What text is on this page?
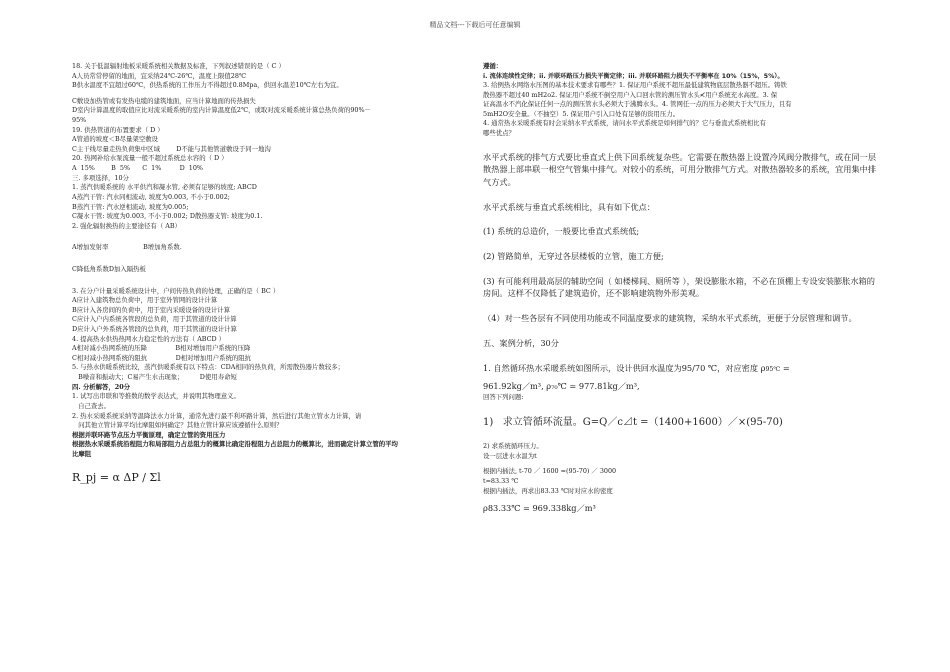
精品文档---下载后可任意编辑
18. 关于低温辐射地板采暖系统相关数据及标准，下列叙述错误的是（ C ）
A人员常常停留的地面，宜采纳24℃-26℃，温度上限值28℃
B供水温度不宜超过60℃，供热系统的工作压力不得超过0.8Mpa，供回水温差10℃左右为宜。
C敷设加热管或有发热电缆的建筑地面，应当计算地面的传热损失
D室内计算温度的取值应比对流采暖系统的室内计算温度低2℃，或取对流采暖系统计算总热负荷的90%－
95%
19. 供热管道的布置要求（ D ）
A管道的坡度＜B尽量架空敷设
C主干线尽量走热负荷集中区域        D不能与其他管道敷设于同一地沟
20. 热网补给水泵流量一般不超过系统总水容的（ D ）
A  15%        B  5%      C  1%         D  10%
三. 多项选择，10分
1. 蒸汽供暖系统的 水平供汽和凝水管, 必须有足够的坡度; ABCD
A蒸汽干管: 汽水同相流动, 坡度为0.003, 不小于0.002;
B蒸汽干管: 汽水逆相流动, 坡度为0.005;
C凝水干管: 坡度为0.003, 不小于0.002; D散热器支管: 坡度为0.1.
2. 强化辐射换热的主要途径有（ AB）
A增加发射率                 B增加角系数.
C降低角系数D加入隔热板
3. 在分户计量采暖系统设计中，户间传热负荷的处理，正确的是（ BC ）
A应计入建筑物总负荷中，用于室外管网的设计计算
B应计入各房间的负荷中，用于室内采暖设备的设计计算
C应计入户内系统各管段的总负荷，用于其管道的设计计算
D应计入户外系统各管段的总负荷，用于其管道的设计计算
4. 提高热水供热热网水力稳定性的方法有（ ABCD ）
A相对减小热网系统的压降              B相对增加用户系统的压降
C相对减小热网系统的阻抗              D相对增加用户系统的阻抗
5. 与热水供暖系统比较，蒸汽供暖系统有以下特点：CDA相同的热负荷，所需散热器片数较多；
B噪音和振动大；C易产生水击现象；        D使用寿命短
四. 分析解答，20分
1. 试写出串联和等推数的数学表达式，并说明其物理意义。
自己查去。
2. 热水采暖系统采纳等温降法水力计算，通常先进行最不利环路计算，然后进行其他立管水力计算，请
问其他立管计算平均比摩阻如何确定？其他立管计算应该遵循什么原则？
根据并联环路节点压力平衡原理，确定立管的资用压力
根据热水采暖系统沿程阻力和局部阻力占总阻力的概算比确定沿程阻力占总阻力的概算比，进而确定计算立管的平均
比摩阻
R_pj = α ΔP / Σl
遵循：
i. 流体连续性定律；ii. 并联环路压力损失平衡定律；iii. 并联环路阻力损失不平衡率在 10%（15%，5%）。
3. 给例热水网络水压图的基本技术要求有哪些？1. 保证用户系统不超压最低建筑物底层散热器不超压。铸铁
散热器不超过40 mH2o2. 保证用户系统不倒空用户入口回水管的测压管水头≮用户系统充水高度。3. 保
证高温水不汽化保证任何一点的测压管水头必须大于沸腾水头。4. 管网任一点的压力必须大于大气压力，且有
5mH2O安全量。（不抽空）5. 保证用户引入口处有足够的资用压力。
4. 通常热水采暖系统有时会采纳水平式系统，请问水平式系统是如何排气的？它与垂直式系统相比有
哪些优点？
水平式系统的排气方式要比垂直式上供下回系统复杂些。它需要在散热器上设置冷风阀分散排气，或在同一层散热器上部串联一根空气管集中排气。对较小的系统，可用分散排气方式。对散热器较多的系统，宜用集中排气方式。
水平式系统与垂直式系统相比，具有如下优点：
(1) 系统的总造价，一般要比垂直式系统低;
(2) 管路简单，无穿过各层楼板的立管，施工方便;
(3) 有可能利用最高层的辅助空间（ 如楼梯间、厕所等 ），架设膨胀水箱，不必在顶棚上专设安装膨胀水箱的房间。这样不仅降低了建筑造价，还不影响建筑物外形美观。
（4）对一些各层有不同使用功能或不同温度要求的建筑物，采纳水平式系统，更便于分层管理和调节。
五、案例分析，30分
1. 自然循环热水采暖系统如图所示，设计供回水温度为95/70 ℃，对应密度 ρ95℃ =
961.92kg／m³, ρ₇₀℃ = 977.81kg／m³,
回答下列问题:
1)   求立管循环流量。G=Q／c⊿t =（1400+1600）／×(95-70)
2) 求系统循环压力。
设一层进水水温为t
根据内插法, t-70 ／ 1600 =(95-70) ／ 3000
t=83.33 ℃
根据内插法，再求出83.33 ℃时对应水的密度
ρ83.33℃ = 969.338kg／m³
